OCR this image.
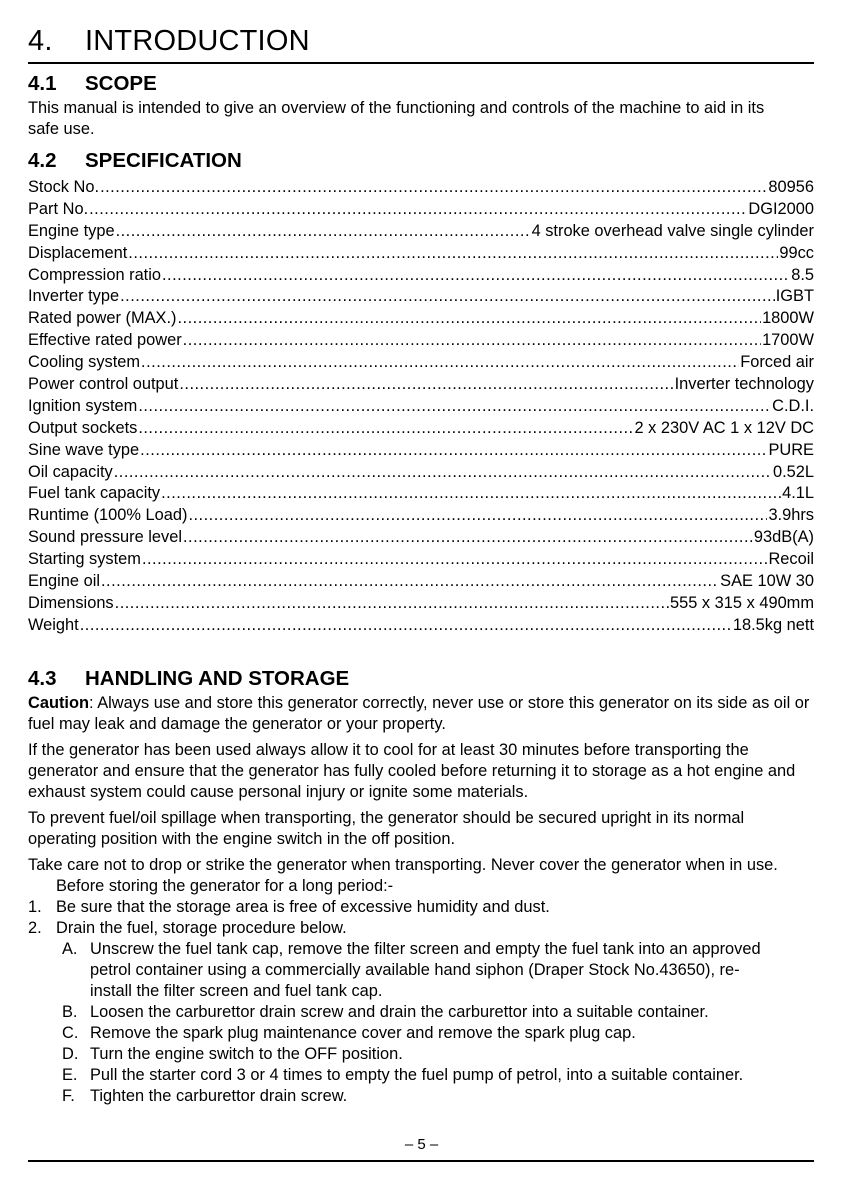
4. INTRODUCTION
4.1 SCOPE

This manual is intended to give an overview of the functioning and controls of the machine to aid in its safe use.

4.2 SPECIFICATION
Stock No. .....	80956
Part No. .....	DGI2000
Engine type .....	4 stroke overhead valve single cylinder
Displacement .....	99cc
Compression ratio .....	8.5
Inverter type .....	IGBT
Rated power (MAX.) .....	1800W
Effective rated power .....	1700W
Cooling system .....	Forced air
Power control output .....	Inverter technology
Ignition system .....	C.D.I.
Output sockets .....	2 x 230V AC 1 x 12V DC
Sine wave type .....	PURE
Oil capacity .....	0.52L
Fuel tank capacity .....	4.1L
Runtime (100% Load) .....	3.9hrs
Sound pressure level .....	93dB(A)
Starting system .....	Recoil
Engine oil .....	SAE 10W 30
Dimensions .....	555 x 315 x 490mm
Weight .....	18.5kg nett
4.3 HANDLING AND STORAGE

Caution: Always use and store this generator correctly, never use or store this generator on its side as oil or fuel may leak and damage the generator or your property.

If the generator has been used always allow it to cool for at least 30 minutes before transporting the generator and ensure that the generator has fully cooled before returning it to storage as a hot engine and exhaust system could cause personal injury or ignite some materials.

To prevent fuel/oil spillage when transporting, the generator should be secured upright in its normal operating position with the engine switch in the off position.

Take care not to drop or strike the generator when transporting. Never cover the generator when in use.

Before storing the generator for a long period:-

1. Be sure that the storage area is free of excessive humidity and dust.
2. Drain the fuel, storage procedure below.
A. Unscrew the fuel tank cap, remove the filter screen and empty the fuel tank into an approved petrol container using a commercially available hand siphon (Draper Stock No.43650), re-install the filter screen and fuel tank cap.
B. Loosen the carburettor drain screw and drain the carburettor into a suitable container.
C. Remove the spark plug maintenance cover and remove the spark plug cap.
D. Turn the engine switch to the OFF position.
E. Pull the starter cord 3 or 4 times to empty the fuel pump of petrol, into a suitable container.
F. Tighten the carburettor drain screw.
– 5 –
